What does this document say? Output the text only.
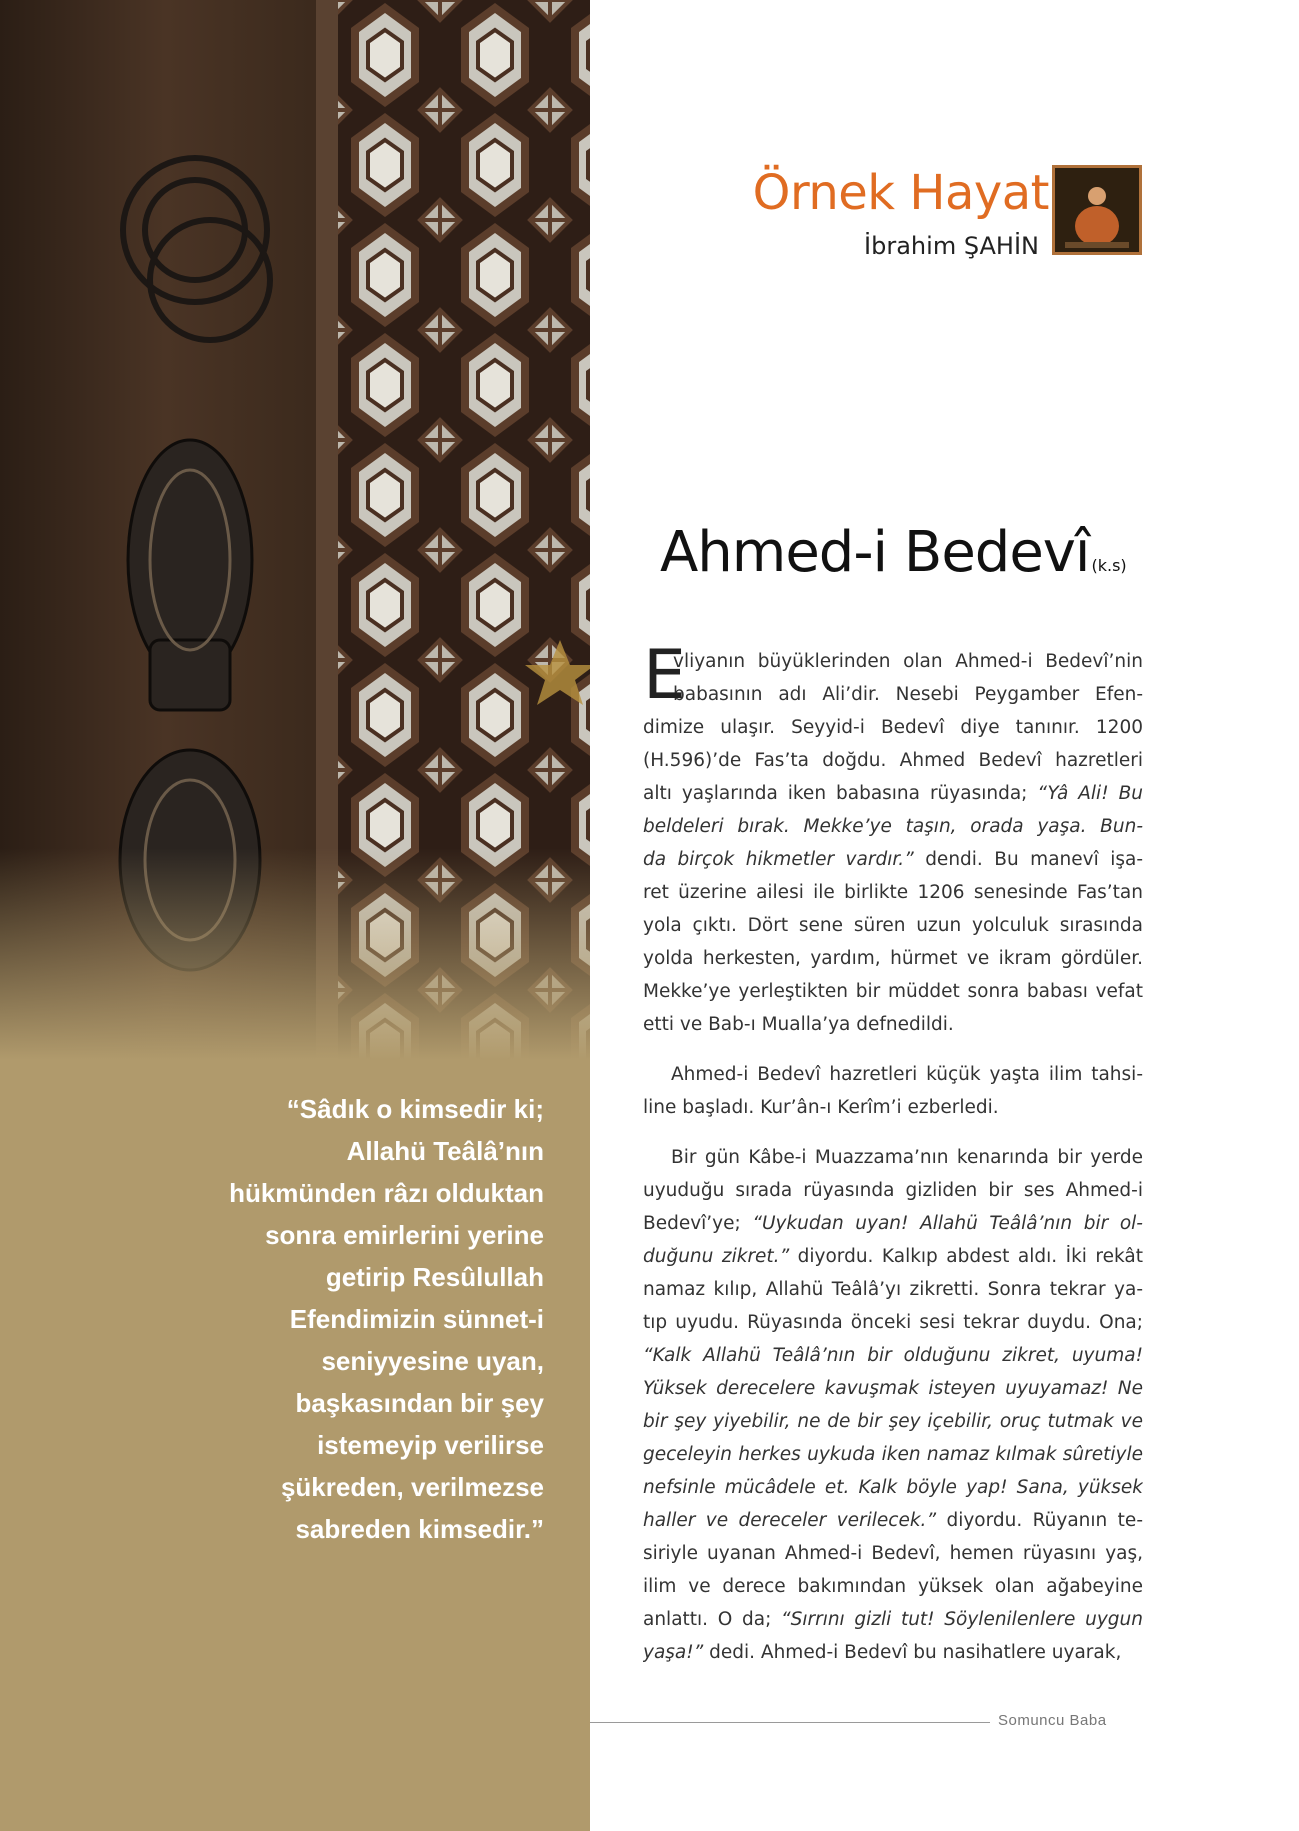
“Sâdık o kimsedir ki;
Allahü Teâlâ’nın
hükmünden râzı olduktan
sonra emirlerini yerine
getirip Resûlullah
Efendimizin sünnet-i
seniyyesine uyan,
başkasından bir şey
istemeyip verilirse
şükreden, verilmezse
sabreden kimsedir.”
Örnek Hayat
İbrahim ŞAHİN
Ahmed-i Bedevî (k.s)
E
vliyanın büyüklerinden olan Ahmed-i Bedevî’nin
babasının adı Ali’dir. Nesebi Peygamber Efen-
dimize ulaşır. Seyyid-i Bedevî diye tanınır. 1200
(H.596)’de Fas’ta doğdu. Ahmed Bedevî hazretleri
altı yaşlarında iken babasına rüyasında; “Yâ Ali! Bu
beldeleri bırak. Mekke’ye taşın, orada yaşa. Bun-
da birçok hikmetler vardır.” dendi. Bu manevî işa-
ret üzerine ailesi ile birlikte 1206 senesinde Fas’tan
yola çıktı. Dört sene süren uzun yolculuk sırasında
yolda herkesten, yardım, hürmet ve ikram gördüler.
Mekke’ye yerleştikten bir müddet sonra babası vefat
etti ve Bab-ı Mualla’ya defnedildi.
Ahmed-i Bedevî hazretleri küçük yaşta ilim tahsi-
line başladı. Kur’ân-ı Kerîm’i ezberledi.
Bir gün Kâbe-i Muazzama’nın kenarında bir yerde
uyuduğu sırada rüyasında gizliden bir ses Ahmed-i
Bedevî’ye; “Uykudan uyan! Allahü Teâlâ’nın bir ol-
duğunu zikret.” diyordu. Kalkıp abdest aldı. İki rekât
namaz kılıp, Allahü Teâlâ’yı zikretti. Sonra tekrar ya-
tıp uyudu. Rüyasında önceki sesi tekrar duydu. Ona;
“Kalk Allahü Teâlâ’nın bir olduğunu zikret, uyuma!
Yüksek derecelere kavuşmak isteyen uyuyamaz! Ne
bir şey yiyebilir, ne de bir şey içebilir, oruç tutmak ve
geceleyin herkes uykuda iken namaz kılmak sûretiyle
nefsinle mücâdele et. Kalk böyle yap! Sana, yüksek
haller ve dereceler verilecek.” diyordu. Rüyanın te-
siriyle uyanan Ahmed-i Bedevî, hemen rüyasını yaş,
ilim ve derece bakımından yüksek olan ağabeyine
anlattı. O da; “Sırrını gizli tut! Söylenilenlere uygun
yaşa!” dedi. Ahmed-i Bedevî bu nasihatlere uyarak,
Somuncu Baba
